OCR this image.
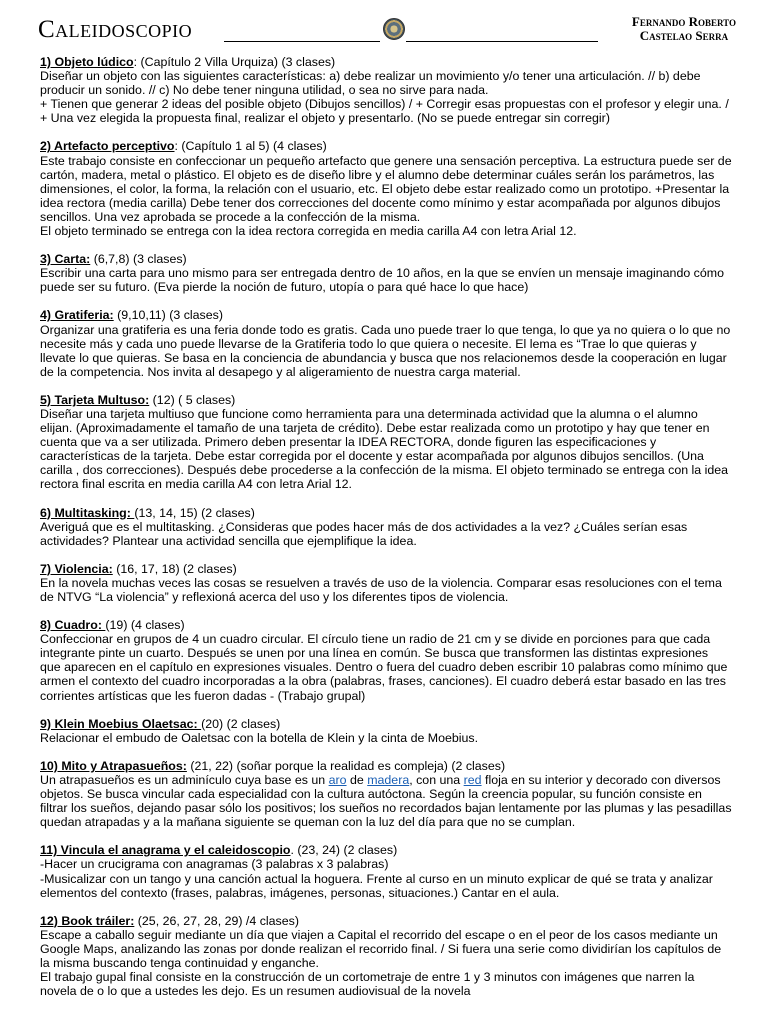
Caleidoscopio	Fernando Roberto
Castelao Serra

1) Objeto lúdico: (Capítulo 2 Villa Urquiza) (3 clases)

Diseñar un objeto con las siguientes características: a) debe realizar un movimiento y/o tener una articulación. // b) debe producir un sonido. // c) No debe tener ninguna utilidad, o sea no sirve para nada.

+ Tienen que generar 2 ideas del posible objeto (Dibujos sencillos) / + Corregir esas propuestas con el profesor y elegir una. / + Una vez elegida la propuesta final, realizar el objeto y presentarlo. (No se puede entregar sin corregir)

2) Artefacto perceptivo: (Capítulo 1 al 5) (4 clases)

Este trabajo consiste en confeccionar un pequeño artefacto que genere una sensación perceptiva. La estructura puede ser de cartón, madera, metal o plástico. El objeto es de diseño libre y el alumno debe determinar cuáles serán los parámetros, las dimensiones, el color, la forma, la relación con el usuario, etc. El objeto debe estar realizado como un prototipo. +Presentar la idea rectora (media carilla) Debe tener dos correcciones del docente como mínimo y estar acompañada por algunos dibujos sencillos. Una vez aprobada se procede a la confección de la misma.

El objeto terminado se entrega con la idea rectora corregida en media carilla A4 con letra Arial 12.

3) Carta: (6,7,8) (3 clases)

Escribir una carta para uno mismo para ser entregada dentro de 10 años, en la que se envíen un mensaje imaginando cómo puede ser su futuro. (Eva pierde la noción de futuro, utopía o para qué hace lo que hace)

4) Gratiferia: (9,10,11) (3 clases)

Organizar una gratiferia es una feria donde todo es gratis. Cada uno puede traer lo que tenga, lo que ya no quiera o lo que no necesite más y cada uno puede llevarse de la Gratiferia todo lo que quiera o necesite. El lema es “Trae lo que quieras y llevate lo que quieras. Se basa en la conciencia de abundancia y busca que nos relacionemos desde la cooperación en lugar de la competencia. Nos invita al desapego y al aligeramiento de nuestra carga material.

5) Tarjeta Multuso: (12) ( 5 clases)

Diseñar una tarjeta multiuso que funcione como herramienta para una determinada actividad que la alumna o el alumno elijan. (Aproximadamente el tamaño de una tarjeta de crédito). Debe estar realizada como un prototipo y hay que tener en cuenta que va a ser utilizada. Primero deben presentar la IDEA RECTORA, donde figuren las especificaciones y características de la tarjeta. Debe estar corregida por el docente y estar acompañada por algunos dibujos sencillos. (Una carilla , dos correcciones). Después debe procederse a la confección de la misma. El objeto terminado se entrega con la idea rectora final escrita en media carilla A4 con letra Arial 12.

6) Multitasking: (13, 14, 15) (2 clases)

Averiguá que es el multitasking. ¿Consideras que podes hacer más de dos actividades a la vez? ¿Cuáles serían esas actividades? Plantear una actividad sencilla que ejemplifique la idea.

7) Violencia: (16, 17, 18) (2 clases)

En la novela muchas veces las cosas se resuelven a través de uso de la violencia. Comparar esas resoluciones con el tema de NTVG “La violencia” y reflexioná acerca del uso y los diferentes tipos de violencia.

8) Cuadro: (19) (4 clases)

Confeccionar en grupos de 4 un cuadro circular. El círculo tiene un radio de 21 cm y se divide en porciones para que cada integrante pinte un cuarto. Después se unen por una línea en común. Se busca que transformen las distintas expresiones que aparecen en el capítulo en expresiones visuales. Dentro o fuera del cuadro deben escribir 10 palabras como mínimo que armen el contexto del cuadro incorporadas a la obra (palabras, frases, canciones). El cuadro deberá estar basado en las tres corrientes artísticas que les fueron dadas - (Trabajo grupal)

9) Klein Moebius Olaetsac: (20) (2 clases)

Relacionar el embudo de Oaletsac con la botella de Klein y la cinta de Moebius.

10) Mito y Atrapasueños: (21, 22) (soñar porque la realidad es compleja) (2 clases)

Un atrapasueños es un adminículo cuya base es un aro de madera, con una red floja en su interior y decorado con diversos objetos. Se busca vincular cada especialidad con la cultura autóctona. Según la creencia popular, su función consiste en filtrar los sueños, dejando pasar sólo los positivos; los sueños no recordados bajan lentamente por las plumas y las pesadillas quedan atrapadas y a la mañana siguiente se queman con la luz del día para que no se cumplan.

11) Vincula el anagrama y el caleidoscopio. (23, 24) (2 clases)

-Hacer un crucigrama con anagramas (3 palabras x 3 palabras)

-Musicalizar con un tango y una canción actual la hoguera. Frente al curso en un minuto explicar de qué se trata y analizar elementos del contexto (frases, palabras, imágenes, personas, situaciones.) Cantar en el aula.

12) Book tráiler: (25, 26, 27, 28, 29) /4 clases)

Escape a caballo seguir mediante un día que viajen a Capital el recorrido del escape o en el peor de los casos mediante un Google Maps, analizando las zonas por donde realizan el recorrido final. / Si fuera una serie como dividirían los capítulos de la misma buscando tenga continuidad y enganche.

El trabajo gupal final consiste en la construcción de un cortometraje de entre 1 y 3 minutos con imágenes que narren la novela de o lo que a ustedes les dejo. Es un resumen audiovisual de la novela
